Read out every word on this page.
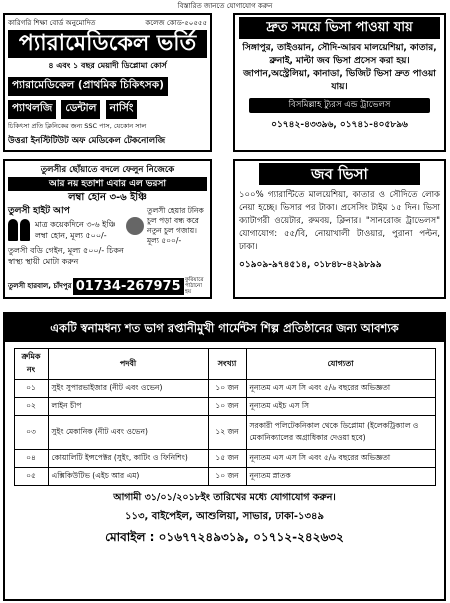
বিস্তারিত জানতে যোগাযোগ করুন
কারিগরি শিক্ষা বোর্ড অনুমোদিত	কলেজ কোড-৫০৫৫৫
প্যারামেডিকেল ভর্তি
৪ এবং ১ বছর মেয়াদী ডিপ্লোমা কোর্স
প্যারামেডিকেল (প্রাথমিক চিকিৎসক)
প্যাথলজি ডেন্টাল নার্সিং
চিকিৎসা প্রতি ক্লিনিকের জন্য SSC পাস, যেকোন সাল
উত্তরা ইনস্টিটিউট অফ মেডিকেল টেকনোলজি
দ্রুত সময়ে ভিসা পাওয়া যায়
সিঙ্গাপুর, তাইওয়ান, সৌদি-আরব মালয়েশিয়া, কাতার, ব্রুনাই, মাল্টা জব ভিসা প্রসেস করা হয়। জাপান,অস্ট্রেলিয়া, কানাডা, ভিজিট ভিসা দ্রুত পাওয়া যায়।
বিসমিল্লাহ ট্যুরস এন্ড ট্রাভেলস
০১৭৪২-৪৩৩৯৬, ০১৭৪১-৪০৫৮৯৬
তুলসীর ছোঁয়াতে বদলে ফেলুন নিজেকে
আর নয় হতাশা এবার এল ভরসা
লম্বা হোন ৩-৬ ইঞ্চি
তুলসী হাইট আপ
মাত্র কয়েকদিনে ৩-৬ ইঞ্চি লম্বা হোন, মূল্য ৫০০/-
তুলসী বডি গেইন, মূল্য ৫০০/- চিকন স্বাস্থ্য স্থায়ী মোটা করুন
তুলসী হেয়ার টনিক চুল পড়া বন্ধ করে নতুন চুল গজায়। মূল্য ৫০০/-
তুলসী হারবাল, চাঁদপুর 01734-267975 কুরিয়ারে পাঠানো হয়
জব ভিসা
১০০% গ্যারান্টিতে মালয়েশিয়া, কাতার ও সৌদিতে লোক নেয়া হচ্ছে। ভিসার পর টাকা। প্রসেসিং টাইম ১৫ দিন। ভিসা ক্যাটাগরী ওয়েটার, রুমবয়, ক্লিনার। "সানরোজ ট্রাভেলস" যোগাযোগ: ৫৫/বি, নোয়াখালী টাওয়ার, পুরানা পল্টন, ঢাকা।
০১৯০৯-৯৭৪৫১৪, ০১৮৪৮-৪২৯৮৯৯
একটি স্বনামধন্য শত ভাগ রপ্তানীমুখী গার্মেন্টস শিল্প প্রতিষ্ঠানের জন্য আবশ্যক
ক্রমিক নং	পদবী	সংখ্যা	যোগ্যতা
০১	সুইং সুপারভাইজার (নীট এবং ওভেন)	১০ জন	নূন্যতম এস এস সি এবং ৫/৬ বছরের অভিজ্ঞতা
০২	লাইন চীপ	১০ জন	নূন্যতম এইচ এস সি
০৩	সুইং মেকানিক (নীট এবং ওভেন)	১২ জন	সরকারী পলিটেকনিকাল থেকে ডিপ্লোমা (ইলেকট্রিক্যাল ও মেকানিক্যালের অগ্রাধিকার দেওয়া হবে)
০৪	কোয়ালিটি ইন্সপেক্টর (সুইং, কাটিং ও ফিনিশিং)	১৫ জন	নূন্যতম এস এস সি এবং ৫/৬ বছরের অভিজ্ঞতা
০৫	এক্সিকিউটিভ (এইচ আর এম)	১০ জন	নূন্যতম স্নাতক
আগামী ৩১/০১/২০১৮ইং তারিখের মধ্যে যোগাযোগ করুন।
১১৩, বাইপেইল, আশুলিয়া, সাভার, ঢাকা-১৩৪৯
মোবাইল : ০১৬৭৭২৪৯৩১৯, ০১৭১২-২৪২৬৩২
